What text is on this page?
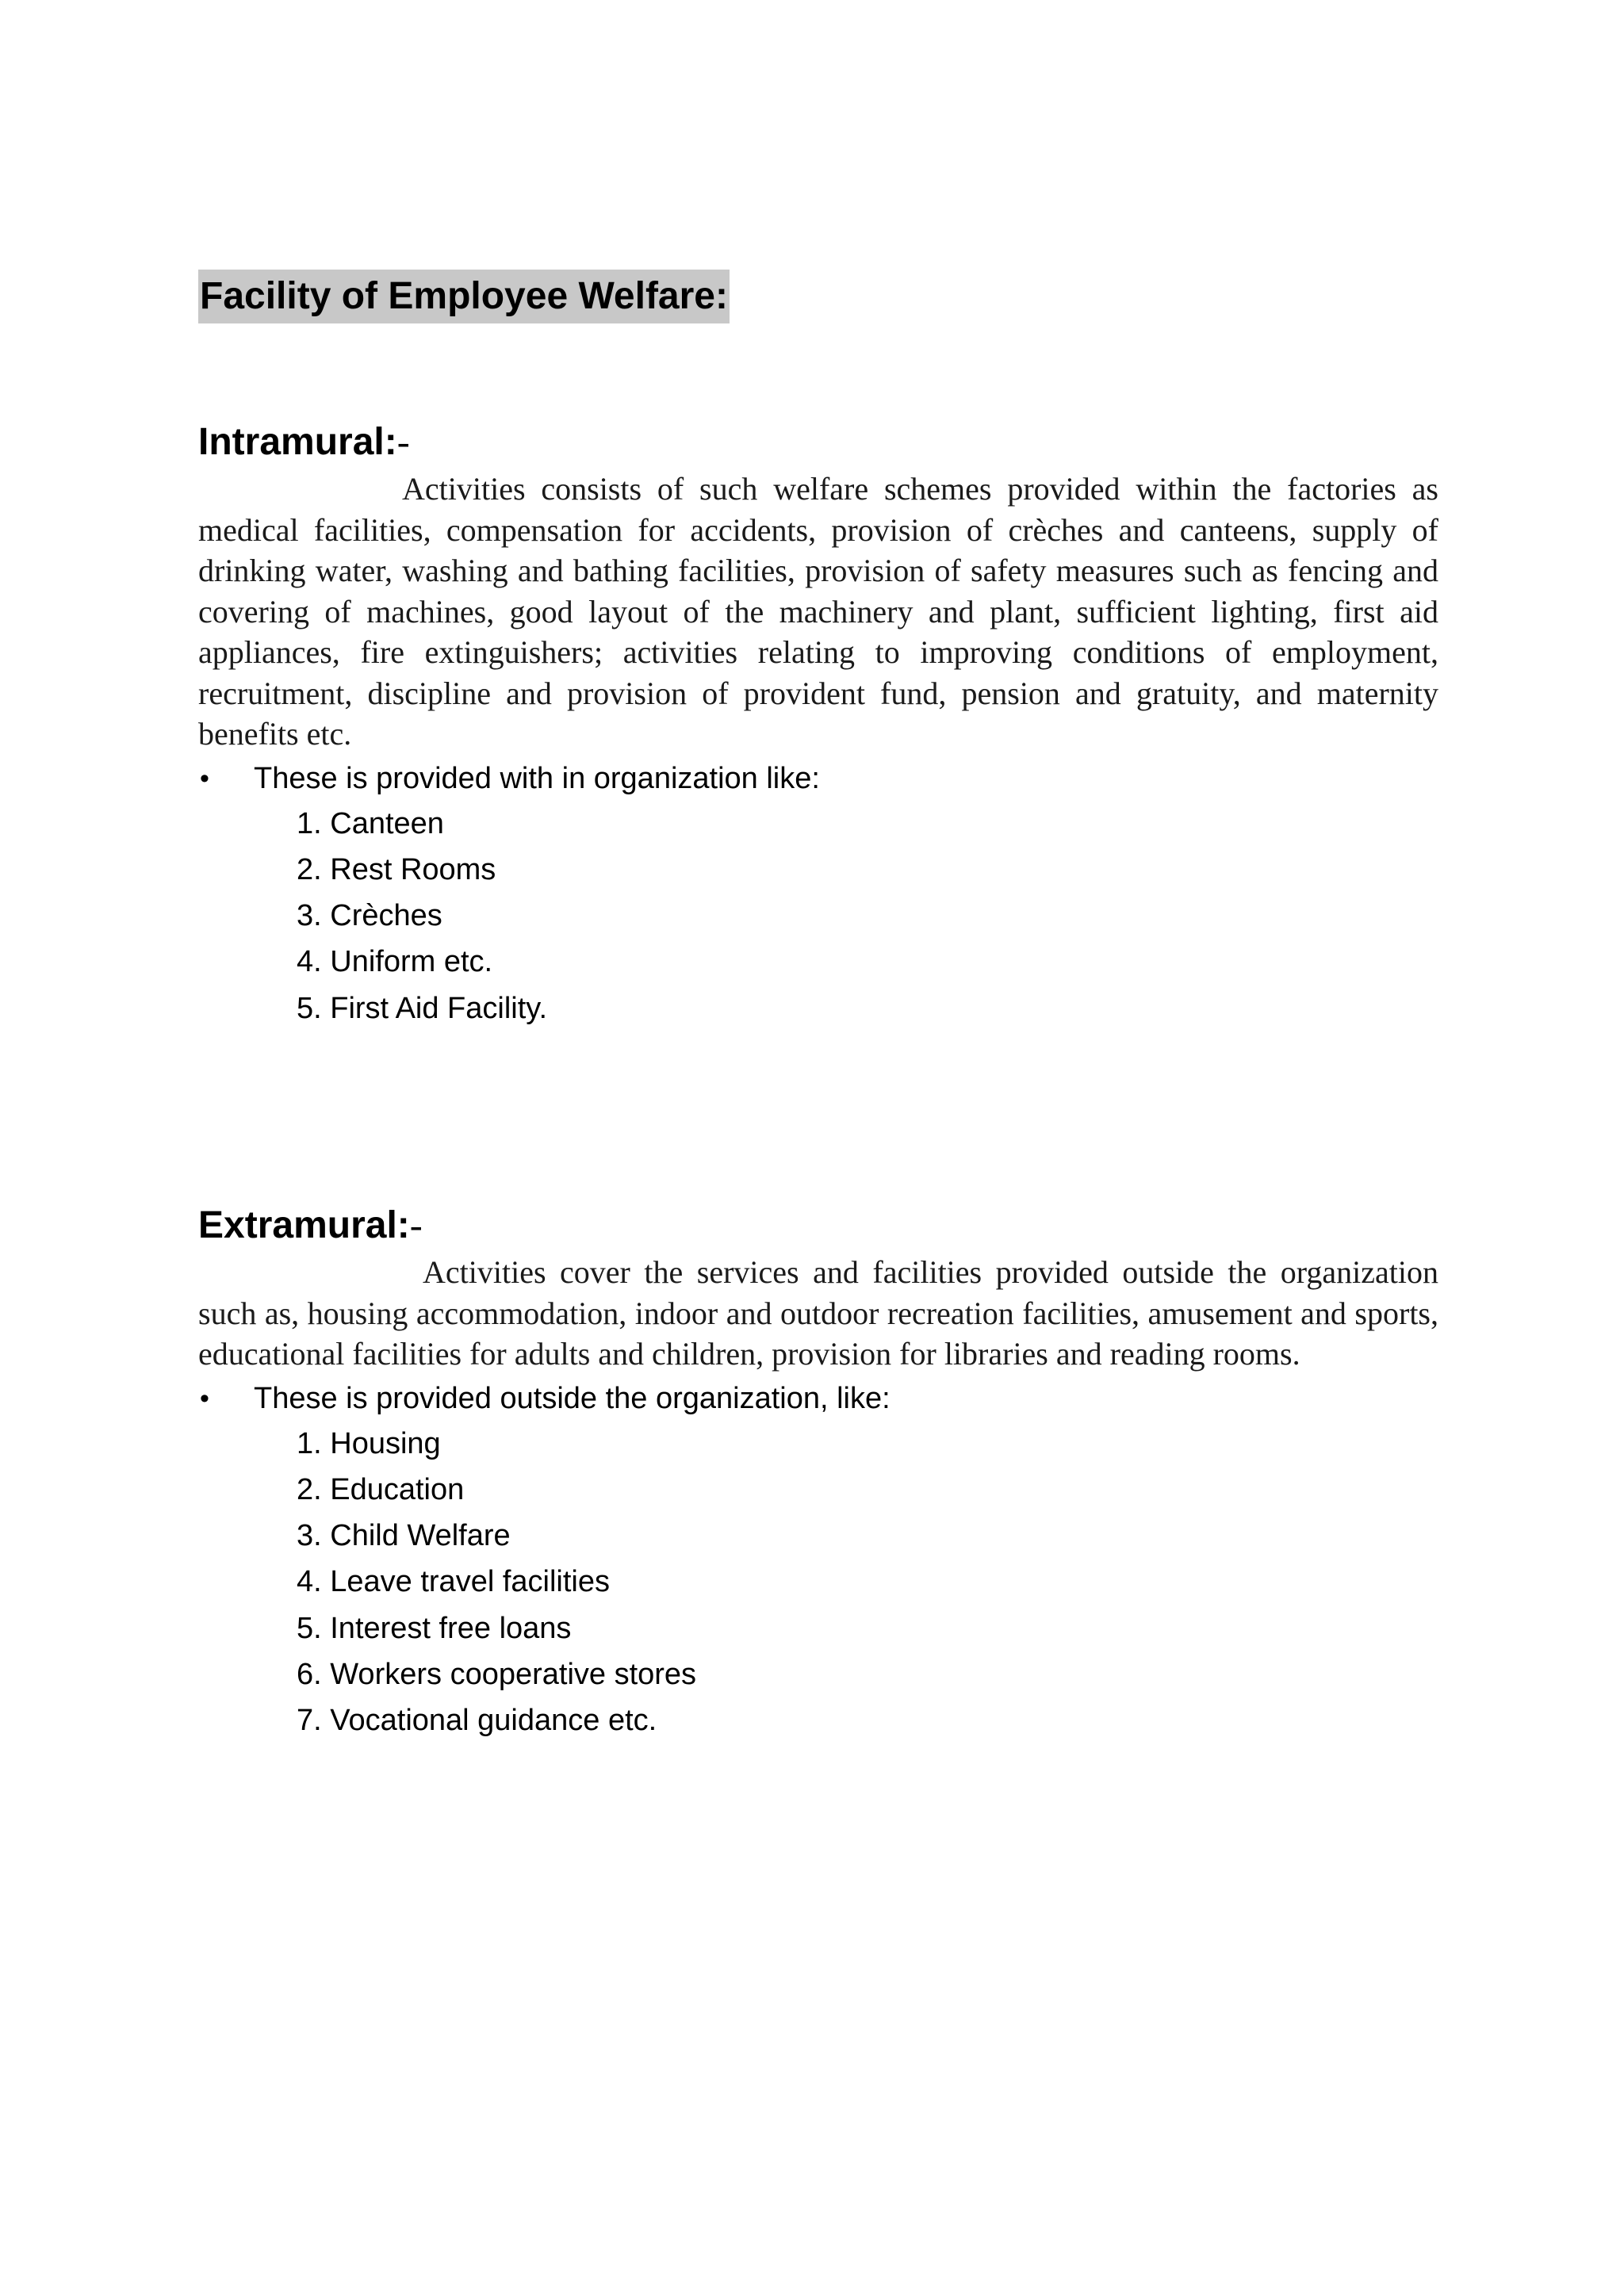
Facility of Employee Welfare:
Intramural:-

Activities consists of such welfare schemes provided within the factories as medical facilities, compensation for accidents, provision of crèches and canteens, supply of drinking water, washing and bathing facilities, provision of safety measures such as fencing and covering of machines, good layout of the machinery and plant, sufficient lighting, first aid appliances, fire extinguishers; activities relating to improving conditions of employment, recruitment, discipline and provision of provident fund, pension and gratuity, and maternity benefits etc.

• These is provided with in organization like:
1. Canteen
2. Rest Rooms
3. Crèches
4. Uniform etc.
5. First Aid Facility.
Extramural:-

Activities cover the services and facilities provided outside the organization such as, housing accommodation, indoor and outdoor recreation facilities, amusement and sports, educational facilities for adults and children, provision for libraries and reading rooms.

• These is provided outside the organization, like:
1. Housing
2. Education
3. Child Welfare
4. Leave travel facilities
5. Interest free loans
6. Workers cooperative stores
7. Vocational guidance etc.
